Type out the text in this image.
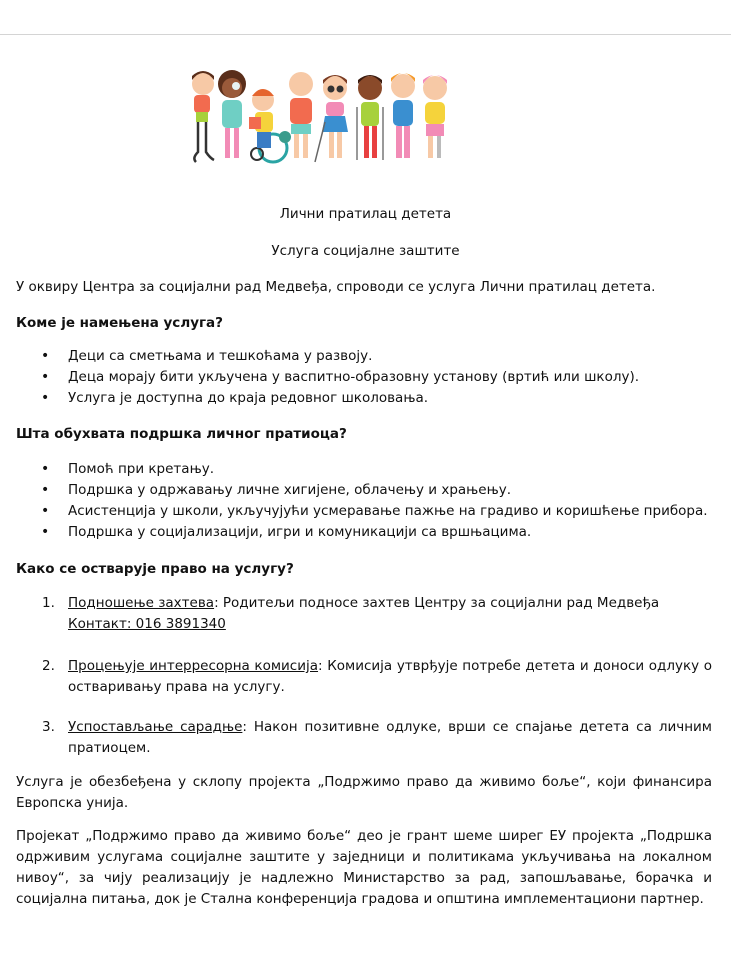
Лични пратилац детета
Услуга социјалне заштите

У оквиру Центра за социјални рад Медвеђа, спроводи се услуга Лични пратилац детета.

Коме је намењена услуга?
• Деци са сметњама и тешкоћама у развоју.
• Деца морају бити укључена у васпитно-образовну установу (вртић или школу).
• Услуга је доступна до краја редовног школовања.
Шта обухвата подршка личног пратиоца?
• Помоћ при кретању.
• Подршка у одржавању личне хигијене, облачењу и храњењу.
• Асистенција у школи, укључујући усмеравање пажње на градиво и коришћење прибора.
• Подршка у социјализацији, игри и комуникацији са вршњацима.
Како се остварује право на услугу?
1. Подношење захтева: Родитељи подносе захтев Центру за социјални рад Медвеђа
Контакт: 016 3891340
2. Процењује интерресорна комисија: Комисија утврђује потребе детета и доноси одлуку о остваривању права на услугу.
3. Успостављање сарадње: Након позитивне одлуке, врши се спајање детета са личним пратиоцем.

Услуга је обезбеђена у склопу пројекта „Подржимо право да живимо боље“, који финансира Европска унија.

Пројекат „Подржимо право да живимо боље“ део је грант шеме ширег ЕУ пројекта „Подршка одрживим услугама социјалне заштите у заједници и политикама укључивања на локалном нивоу“, за чију реализацију је надлежно Министарство за рад, запошљавање, борачка и социјална питања, док је Стална конференција градова и општина имплементациони партнер.
